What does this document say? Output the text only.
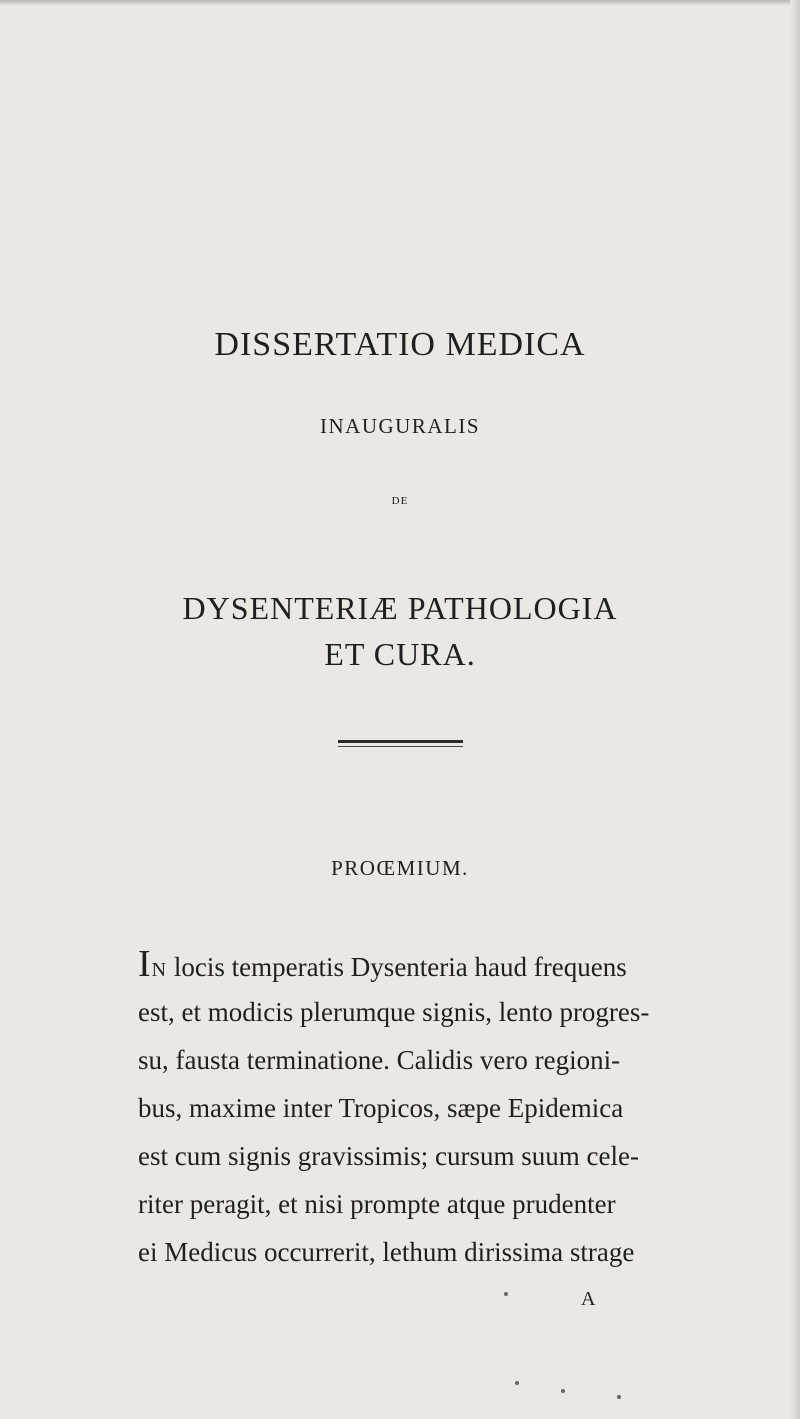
DISSERTATIO MEDICA
INAUGURALIS

DE

DYSENTERIÆ PATHOLOGIA
ET CURA.
PROŒMIUM.

IN locis temperatis Dysenteria haud frequens

est, et modicis plerumque signis, lento progres-

su, fausta terminatione. Calidis vero regioni-

bus, maxime inter Tropicos, sæpe Epidemica

est cum signis gravissimis; cursum suum cele-

riter peragit, et nisi prompte atque prudenter

ei Medicus occurrerit, lethum dirissima strage

A
